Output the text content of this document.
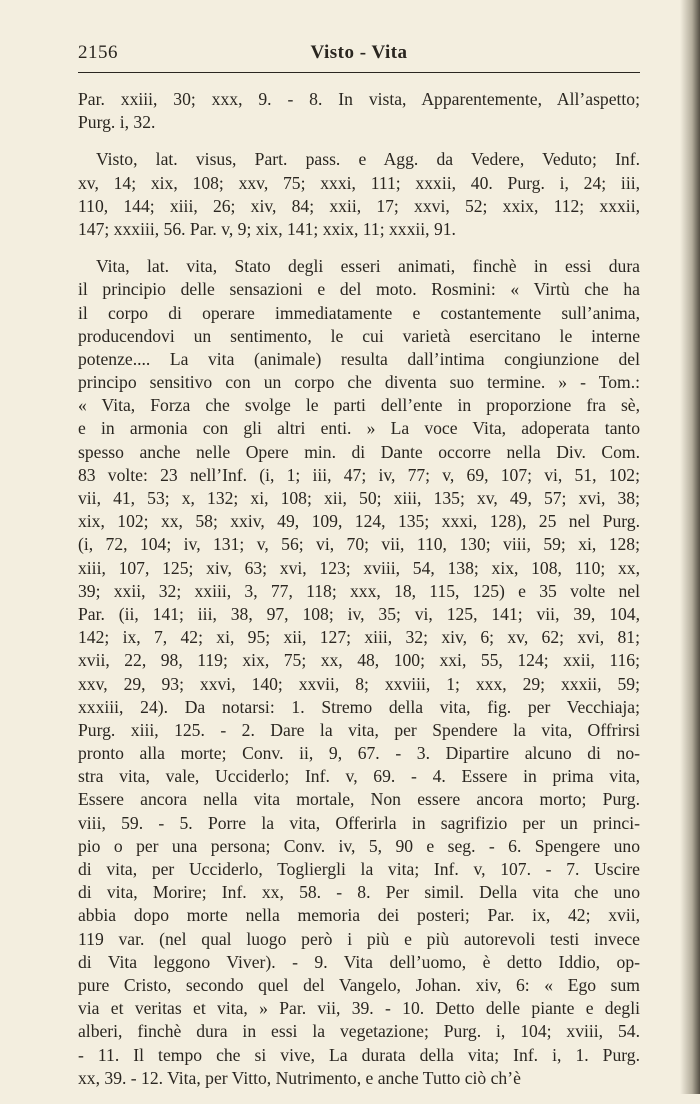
2156	Visto - Vita
Par. xxiii, 30; xxx, 9. - 8. In vista, Apparentemente, All’aspetto;
Purg. i, 32.
Visto, lat. visus, Part. pass. e Agg. da Vedere, Veduto; Inf.
xv, 14; xix, 108; xxv, 75; xxxi, 111; xxxii, 40. Purg. i, 24; iii,
110, 144; xiii, 26; xiv, 84; xxii, 17; xxvi, 52; xxix, 112; xxxii,
147; xxxiii, 56. Par. v, 9; xix, 141; xxix, 11; xxxii, 91.
Vita, lat. vita, Stato degli esseri animati, finchè in essi dura
il principio delle sensazioni e del moto. Rosmini: « Virtù che ha
il corpo di operare immediatamente e costantemente sull’anima,
producendovi un sentimento, le cui varietà esercitano le interne
potenze.... La vita (animale) resulta dall’intima congiunzione del
principo sensitivo con un corpo che diventa suo termine. » - Tom.:
« Vita, Forza che svolge le parti dell’ente in proporzione fra sè,
e in armonia con gli altri enti. » La voce Vita, adoperata tanto
spesso anche nelle Opere min. di Dante occorre nella Div. Com.
83 volte: 23 nell’Inf. (i, 1; iii, 47; iv, 77; v, 69, 107; vi, 51, 102;
vii, 41, 53; x, 132; xi, 108; xii, 50; xiii, 135; xv, 49, 57; xvi, 38;
xix, 102; xx, 58; xxiv, 49, 109, 124, 135; xxxi, 128), 25 nel Purg.
(i, 72, 104; iv, 131; v, 56; vi, 70; vii, 110, 130; viii, 59; xi, 128;
xiii, 107, 125; xiv, 63; xvi, 123; xviii, 54, 138; xix, 108, 110; xx,
39; xxii, 32; xxiii, 3, 77, 118; xxx, 18, 115, 125) e 35 volte nel
Par. (ii, 141; iii, 38, 97, 108; iv, 35; vi, 125, 141; vii, 39, 104,
142; ix, 7, 42; xi, 95; xii, 127; xiii, 32; xiv, 6; xv, 62; xvi, 81;
xvii, 22, 98, 119; xix, 75; xx, 48, 100; xxi, 55, 124; xxii, 116;
xxv, 29, 93; xxvi, 140; xxvii, 8; xxviii, 1; xxx, 29; xxxii, 59;
xxxiii, 24). Da notarsi: 1. Stremo della vita, fig. per Vecchiaja;
Purg. xiii, 125. - 2. Dare la vita, per Spendere la vita, Offrirsi
pronto alla morte; Conv. ii, 9, 67. - 3. Dipartire alcuno di no-
stra vita, vale, Ucciderlo; Inf. v, 69. - 4. Essere in prima vita,
Essere ancora nella vita mortale, Non essere ancora morto; Purg.
viii, 59. - 5. Porre la vita, Offerirla in sagrifizio per un princi-
pio o per una persona; Conv. iv, 5, 90 e seg. - 6. Spengere uno
di vita, per Ucciderlo, Togliergli la vita; Inf. v, 107. - 7. Uscire
di vita, Morire; Inf. xx, 58. - 8. Per simil. Della vita che uno
abbia dopo morte nella memoria dei posteri; Par. ix, 42; xvii,
119 var. (nel qual luogo però i più e più autorevoli testi invece
di Vita leggono Viver). - 9. Vita dell’uomo, è detto Iddio, op-
pure Cristo, secondo quel del Vangelo, Johan. xiv, 6: « Ego sum
via et veritas et vita, » Par. vii, 39. - 10. Detto delle piante e degli
alberi, finchè dura in essi la vegetazione; Purg. i, 104; xviii, 54.
- 11. Il tempo che si vive, La durata della vita; Inf. i, 1. Purg.
xx, 39. - 12. Vita, per Vitto, Nutrimento, e anche Tutto ciò ch’è
